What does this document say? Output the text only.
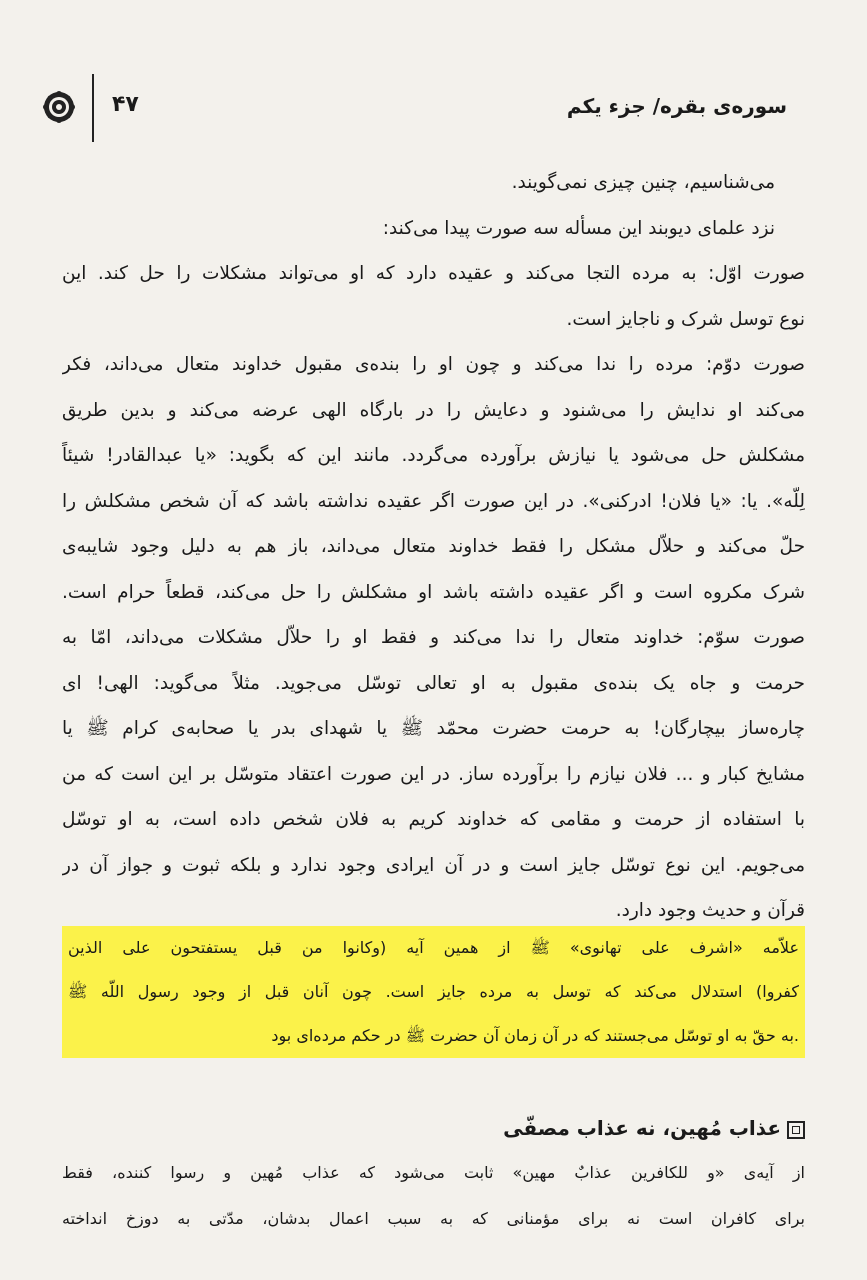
سوره‌ی بقره/ جزء یکم
۴۷
می‌شناسیم، چنین چیزی نمی‌گویند.
نزد علمای دیوبند این مسأله سه صورت پیدا می‌کند:
صورت اوّل: به مرده التجا می‌کند و عقیده دارد که او می‌تواند مشکلات را حل کند. این
نوع توسل شرک و ناجایز است.
صورت دوّم: مرده را ندا می‌کند و چون او را بنده‌ی مقبول خداوند متعال می‌داند، فکر
می‌کند او ندایش را می‌شنود و دعایش را در بارگاه الهی عرضه می‌کند و بدین طریق
مشکلش حل می‌شود یا نیازش برآورده می‌گردد. مانند این که بگوید: «یا عبدالقادر! شیئاً
لِلّه». یا: «یا فلان! ادرکنی». در این صورت اگر عقیده نداشته باشد که آن شخص مشکلش را
حلّ می‌کند و حلاّل مشکل را فقط خداوند متعال می‌داند، باز هم به دلیل وجود شایبه‌ی
شرک مکروه است و اگر عقیده داشته باشد او مشکلش را حل می‌کند، قطعاً حرام است.
صورت سوّم: خداوند متعال را ندا می‌کند و فقط او را حلاّل مشکلات می‌داند، امّا به
حرمت و جاه یک بنده‌ی مقبول به او تعالی توسّل می‌جوید. مثلاً می‌گوید: الهی! ای
چاره‌ساز بیچارگان! به حرمت حضرت محمّد ﷺ یا شهدای بدر یا صحابه‌ی کرام ﷺ یا
مشایخ کبار و ... فلان نیازم را برآورده ساز. در این صورت اعتقاد متوسّل بر این است که من
با استفاده از حرمت و مقامی که خداوند کریم به فلان شخص داده است، به او توسّل
می‌جویم. این نوع توسّل جایز است و در آن ایرادی وجود ندارد و بلکه ثبوت و جواز آن در
قرآن و حدیث وجود دارد.
علاّمه «اشرف علی تهانوی» ﷺ از همین آیه (وکانوا من قبل یستفتحون علی الذین
کفروا) استدلال می‌کند که توسل به مرده جایز است. چون آنان قبل از وجود رسول اللّه ﷺ
به حقّ به او توسّل می‌جستند که در آن زمان آن حضرت ﷺ در حکم مرده‌ای بود.
عذاب مُهین، نه عذاب مصفّی
از آیه‌ی «و للکافرین عذابٌ مهین» ثابت می‌شود که عذاب مُهین و رسوا کننده، فقط
برای کافران است نه برای مؤمنانی که به سبب اعمال بدشان، مدّتی به دوزخ انداخته
